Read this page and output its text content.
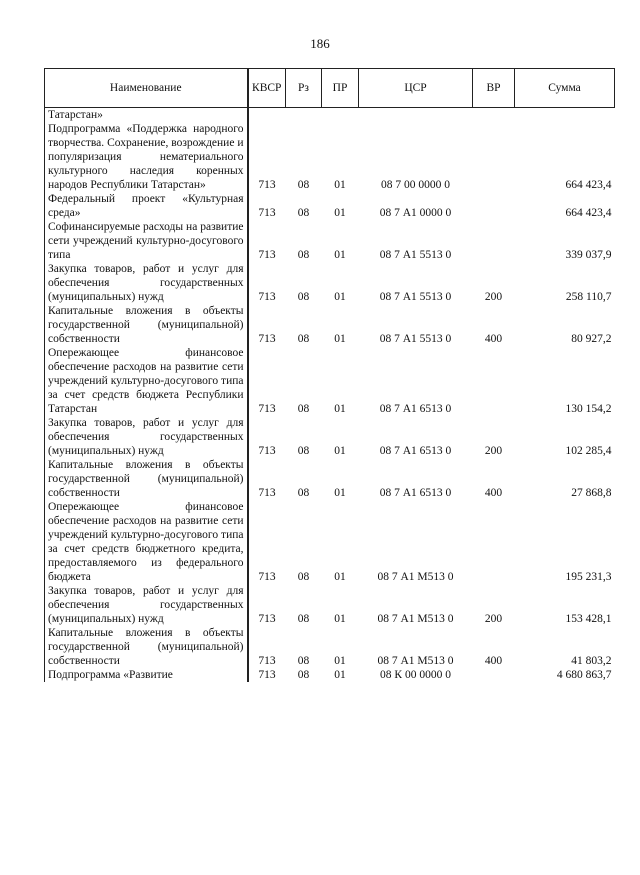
186
Наименование	КВСР	Рз	ПР	ЦСР	ВР	Сумма
Татарстан»						
Подпрограмма «Поддержка народного творчества. Сохранение, возрождение и популяризация нематериального культурного наследия коренных народов Республики Татарстан»	713	08	01	08 7 00 0000 0		664 423,4
Федеральный проект «Культурная среда»	713	08	01	08 7 А1 0000 0		664 423,4
Софинансируемые расходы на развитие сети учреждений культурно-досугового типа	713	08	01	08 7 А1 5513 0		339 037,9
Закупка товаров, работ и услуг для обеспечения государственных (муниципальных) нужд	713	08	01	08 7 А1 5513 0	200	258 110,7
Капитальные вложения в объекты государственной (муниципальной) собственности	713	08	01	08 7 А1 5513 0	400	80 927,2
Опережающее финансовое обеспечение расходов на развитие сети учреждений культурно-досугового типа за счет средств бюджета Республики Татарстан	713	08	01	08 7 А1 6513 0		130 154,2
Закупка товаров, работ и услуг для обеспечения государственных (муниципальных) нужд	713	08	01	08 7 А1 6513 0	200	102 285,4
Капитальные вложения в объекты государственной (муниципальной) собственности	713	08	01	08 7 А1 6513 0	400	27 868,8
Опережающее финансовое обеспечение расходов на развитие сети учреждений культурно-досугового типа за счет средств бюджетного кредита, предоставляемого из федерального бюджета	713	08	01	08 7 А1 М513 0		195 231,3
Закупка товаров, работ и услуг для обеспечения государственных (муниципальных) нужд	713	08	01	08 7 А1 М513 0	200	153 428,1
Капитальные вложения в объекты государственной (муниципальной) собственности	713	08	01	08 7 А1 М513 0	400	41 803,2
Подпрограмма «Развитие	713	08	01	08 К 00 0000 0		4 680 863,7
